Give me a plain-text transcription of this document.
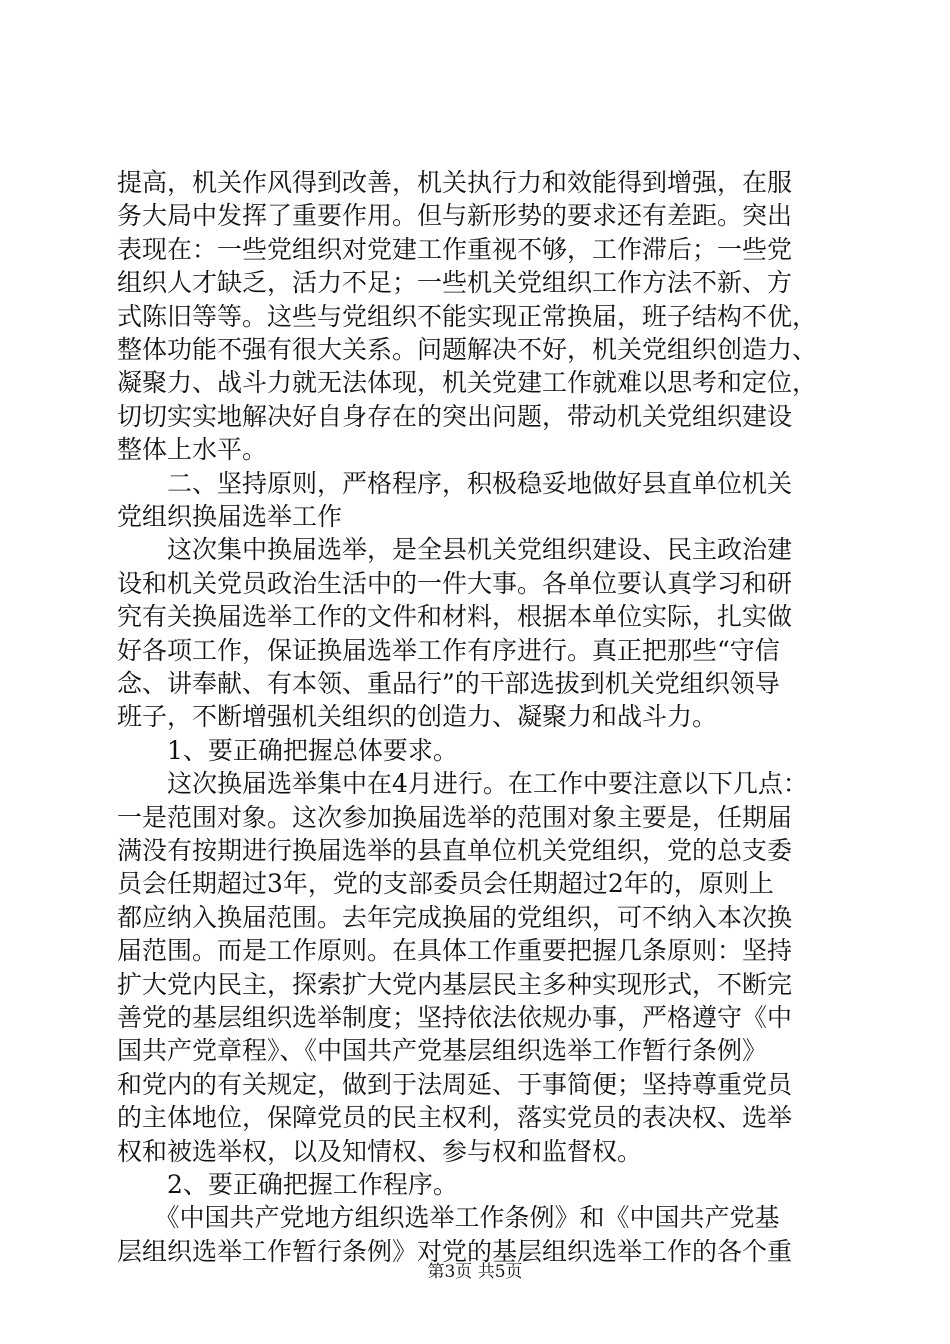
提高，机关作风得到改善，机关执行力和效能得到增强，在服
务大局中发挥了重要作用。但与新形势的要求还有差距。突出
表现在：一些党组织对党建工作重视不够，工作滞后；一些党
组织人才缺乏，活力不足；一些机关党组织工作方法不新、方
式陈旧等等。这些与党组织不能实现正常换届，班子结构不优，
整体功能不强有很大关系。问题解决不好，机关党组织创造力、
凝聚力、战斗力就无法体现，机关党建工作就难以思考和定位，
切切实实地解决好自身存在的突出问题，带动机关党组织建设
整体上水平。
　　二、坚持原则，严格程序，积极稳妥地做好县直单位机关
党组织换届选举工作
　　这次集中换届选举，是全县机关党组织建设、民主政治建
设和机关党员政治生活中的一件大事。各单位要认真学习和研
究有关换届选举工作的文件和材料，根据本单位实际，扎实做
好各项工作，保证换届选举工作有序进行。真正把那些“守信
念、讲奉献、有本领、重品行”的干部选拔到机关党组织领导
班子，不断增强机关组织的创造力、凝聚力和战斗力。
　　1、要正确把握总体要求。
　　这次换届选举集中在4月进行。在工作中要注意以下几点：
一是范围对象。这次参加换届选举的范围对象主要是，任期届
满没有按期进行换届选举的县直单位机关党组织，党的总支委
员会任期超过3年，党的支部委员会任期超过2年的，原则上
都应纳入换届范围。去年完成换届的党组织，可不纳入本次换
届范围。而是工作原则。在具体工作重要把握几条原则：坚持
扩大党内民主，探索扩大党内基层民主多种实现形式，不断完
善党的基层组织选举制度；坚持依法依规办事，严格遵守《中
国共产党章程》、《中国共产党基层组织选举工作暂行条例》
和党内的有关规定，做到于法周延、于事简便；坚持尊重党员
的主体地位，保障党员的民主权利，落实党员的表决权、选举
权和被选举权，以及知情权、参与权和监督权。
　　2、要正确把握工作程序。
　　《中国共产党地方组织选举工作条例》和《中国共产党基
层组织选举工作暂行条例》对党的基层组织选举工作的各个重
第3页 共5页
